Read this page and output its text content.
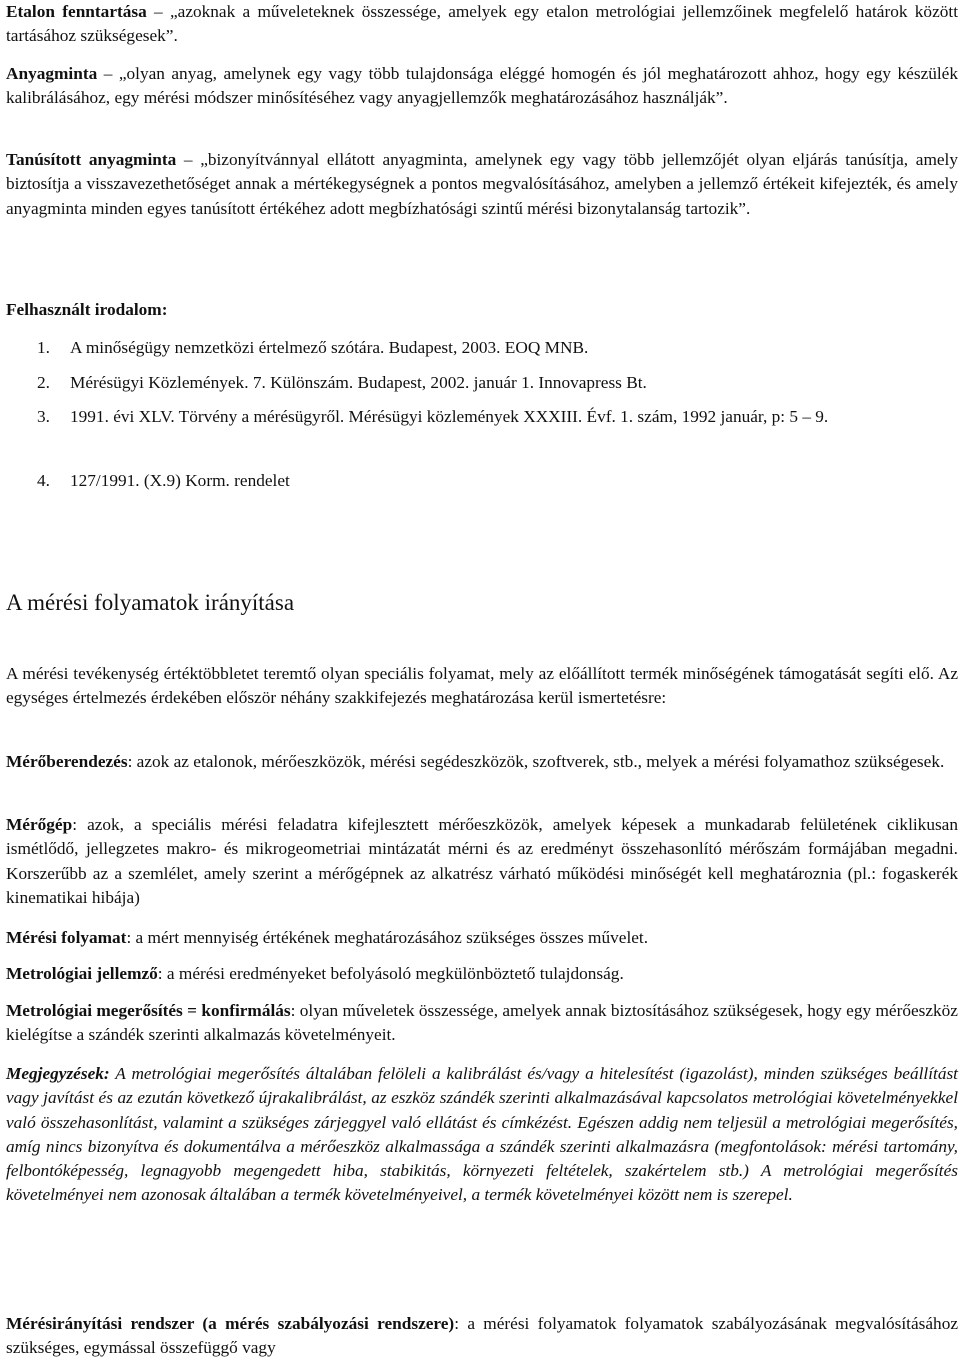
Etalon fenntartása – „azoknak a műveleteknek összessége, amelyek egy etalon metrológiai jellemzőinek megfelelő határok között tartásához szükségesek”.

Anyagminta – „olyan anyag, amelynek egy vagy több tulajdonsága eléggé homogén és jól meghatározott ahhoz, hogy egy készülék kalibrálásához, egy mérési módszer minősítéséhez vagy anyagjellemzők meghatározásához használják”.

Tanúsított anyagminta – „bizonyítvánnyal ellátott anyagminta, amelynek egy vagy több jellemzőjét olyan eljárás tanúsítja, amely biztosítja a visszavezethetőséget annak a mértékegységnek a pontos megvalósításához, amelyben a jellemző értékeit kifejezték, és amely anyagminta minden egyes tanúsított értékéhez adott megbízhatósági szintű mérési bizonytalanság tartozik”.

Felhasznált irodalom:

1. A minőségügy nemzetközi értelmező szótára. Budapest, 2003. EOQ MNB.

2. Mérésügyi Közlemények. 7. Különszám. Budapest, 2002. január 1. Innovapress Bt.

3. 1991. évi XLV. Törvény a mérésügyről. Mérésügyi közlemények XXXIII. Évf. 1. szám, 1992 január, p: 5 – 9.

4. 127/1991. (X.9) Korm. rendelet

A mérési folyamatok irányítása

A mérési tevékenység értéktöbbletet teremtő olyan speciális folyamat, mely az előállított termék minőségének támogatását segíti elő. Az egységes értelmezés érdekében először néhány szakkifejezés meghatározása kerül ismertetésre:

Mérőberendezés: azok az etalonok, mérőeszközök, mérési segédeszközök, szoftverek, stb., melyek a mérési folyamathoz szükségesek.

Mérőgép: azok, a speciális mérési feladatra kifejlesztett mérőeszközök, amelyek képesek a munkadarab felületének ciklikusan ismétlődő, jellegzetes makro- és mikrogeometriai mintázatát mérni és az eredményt összehasonlító mérőszám formájában megadni. Korszerűbb az a szemlélet, amely szerint a mérőgépnek az alkatrész várható működési minőségét kell meghatároznia (pl.: fogaskerék kinematikai hibája)

Mérési folyamat: a mért mennyiség értékének meghatározásához szükséges összes művelet.

Metrológiai jellemző: a mérési eredményeket befolyásoló megkülönböztető tulajdonság.

Metrológiai megerősítés = konfirmálás: olyan műveletek összessége, amelyek annak biztosításához szükségesek, hogy egy mérőeszköz kielégítse a szándék szerinti alkalmazás követelményeit.

Megjegyzések: A metrológiai megerősítés általában felöleli a kalibrálást és/vagy a hitelesítést (igazolást), minden szükséges beállítást vagy javítást és az ezután következő újrakalibrálást, az eszköz szándék szerinti alkalmazásával kapcsolatos metrológiai követelményekkel való összehasonlítást, valamint a szükséges zárjeggyel való ellátást és címkézést. Egészen addig nem teljesül a metrológiai megerősítés, amíg nincs bizonyítva és dokumentálva a mérőeszköz alkalmassága a szándék szerinti alkalmazásra (megfontolások: mérési tartomány, felbontóképesség, legnagyobb megengedett hiba, stabikitás, környezeti feltételek, szakértelem stb.) A metrológiai megerősítés követelményei nem azonosak általában a termék követelményeivel, a termék követelményei között nem is szerepel.

Mérésirányítási rendszer (a mérés szabályozási rendszere): a mérési folyamatok folyamatok szabályozásának megvalósításához szükséges, egymással összefüggő vagy
